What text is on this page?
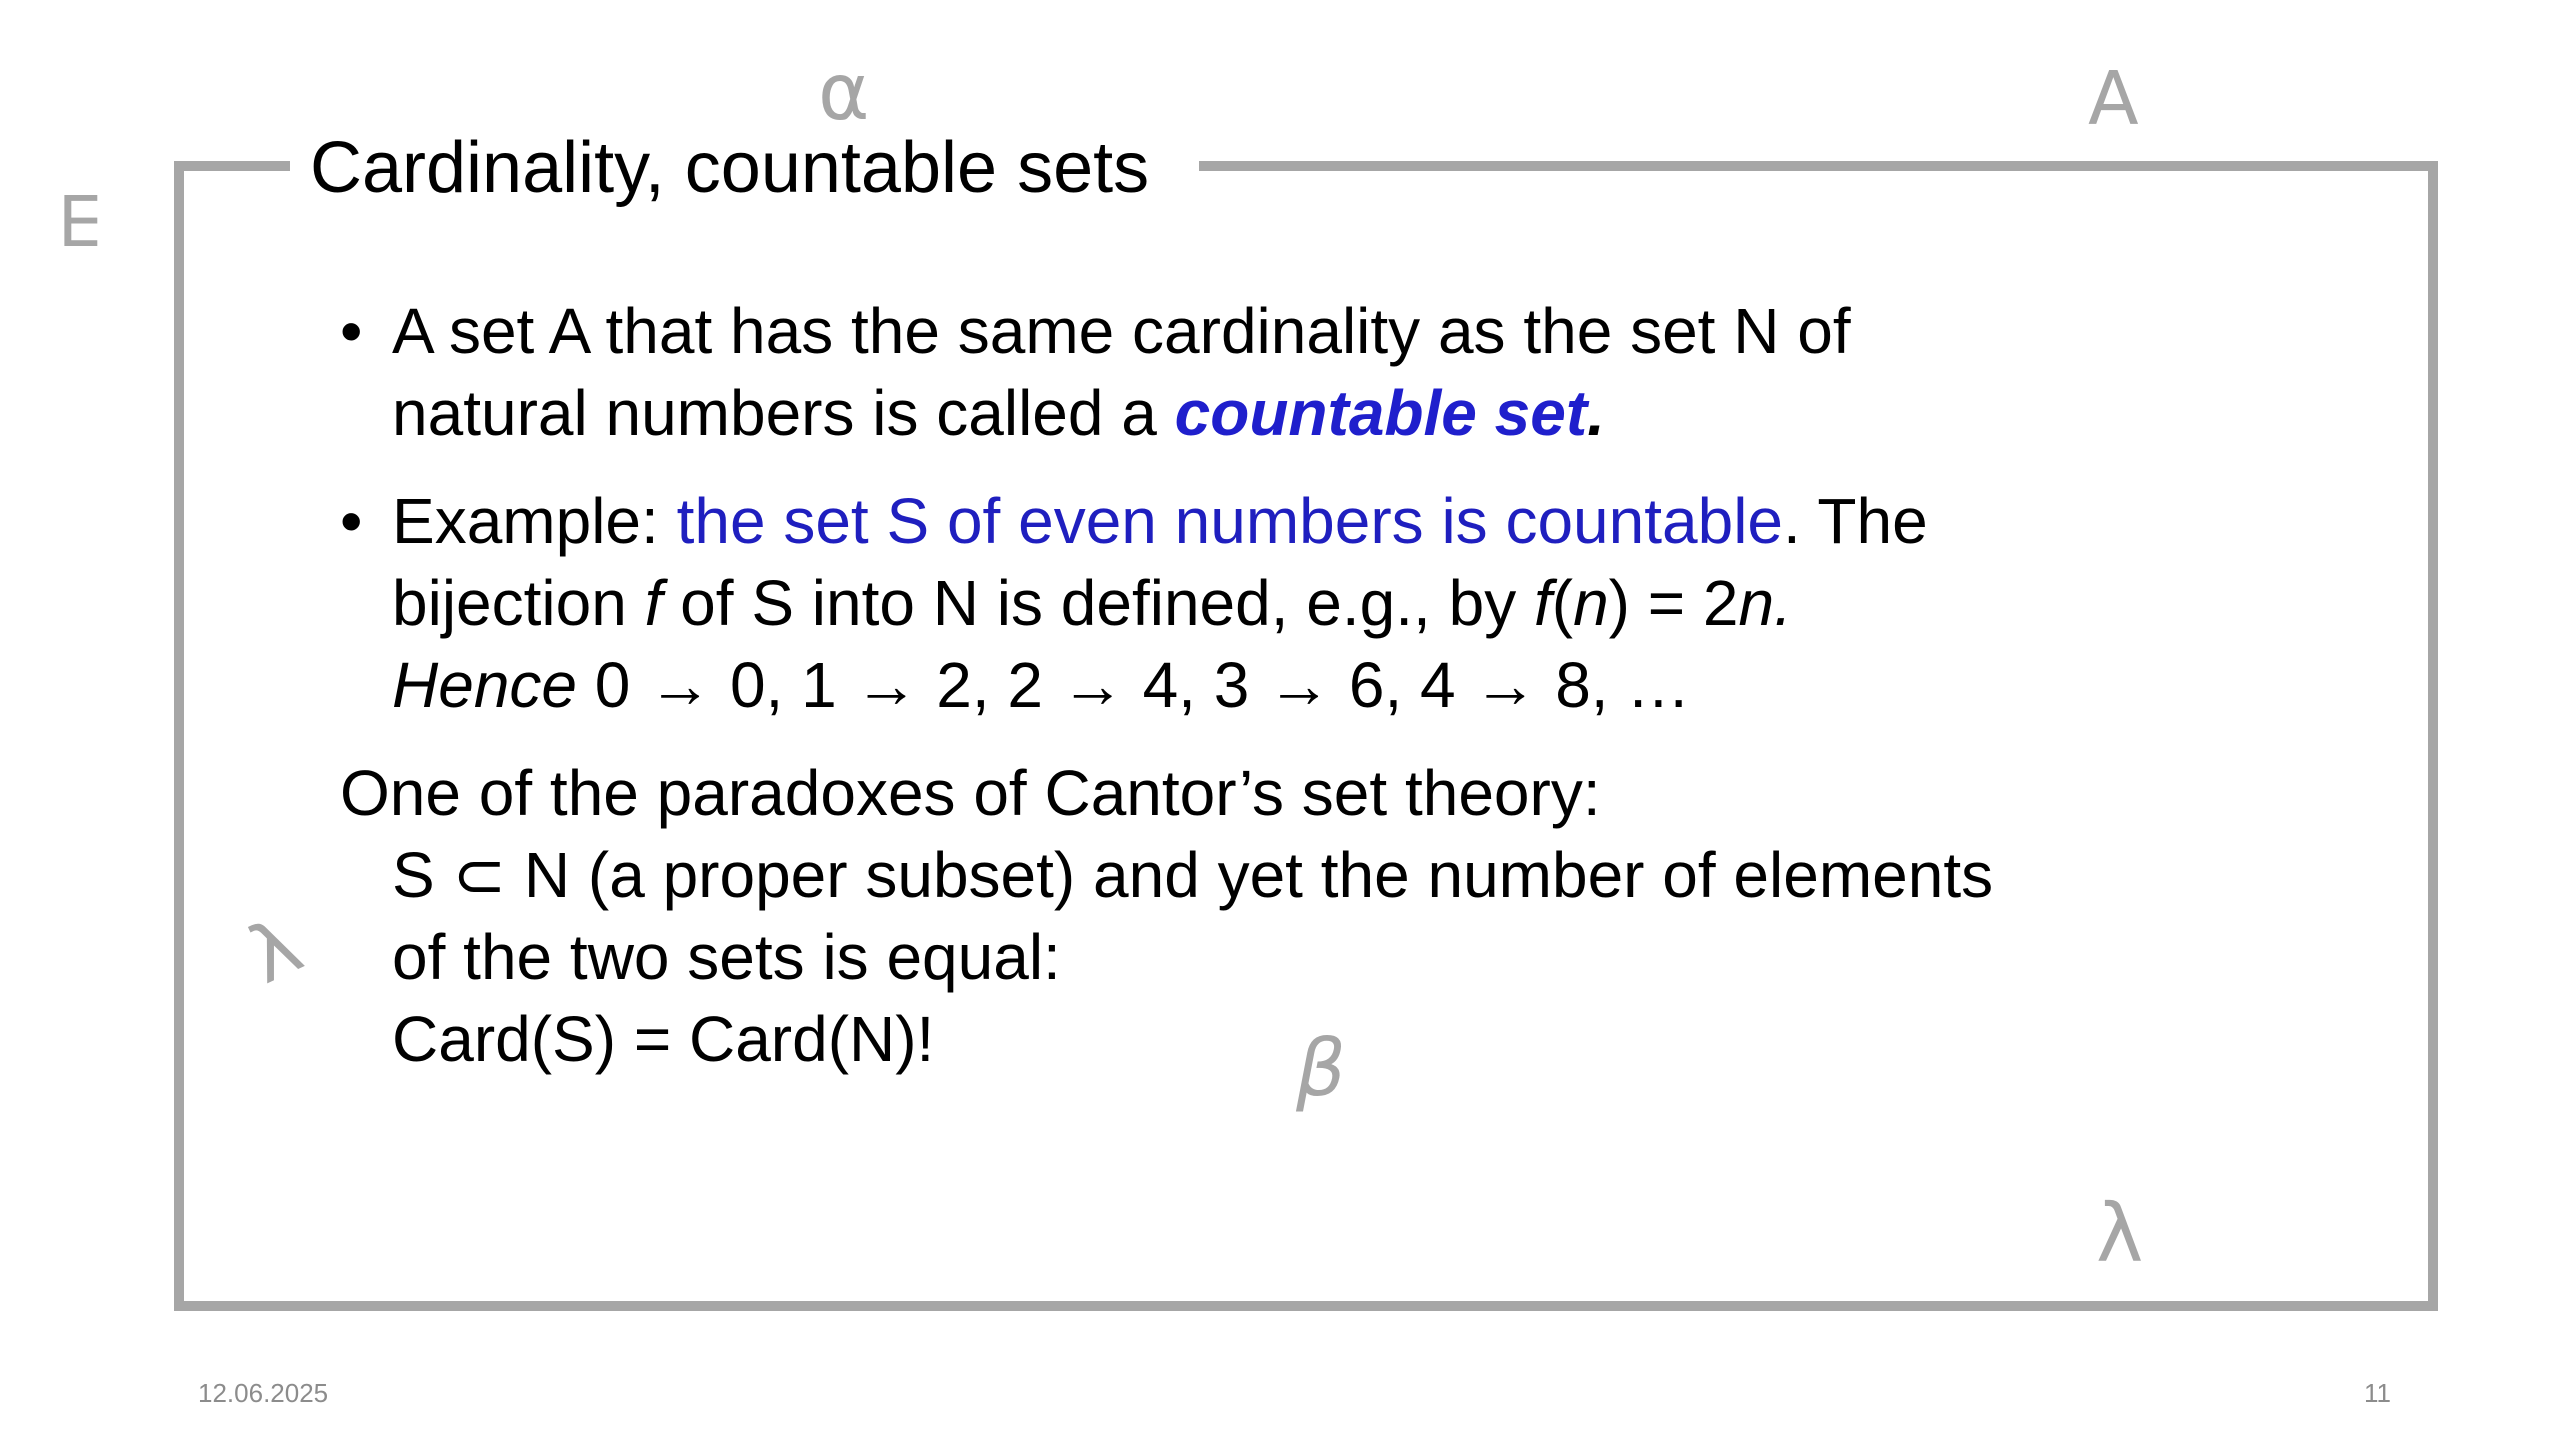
Cardinality, countable sets
α	∀
∃
λ
β
λ
• A set A that has the same cardinality as the set N of
natural numbers is called a countable set.
• Example: the set S of even numbers is countable. The
bijection f of S into N is defined, e.g., by f(n) = 2n.
Hence 0 → 0, 1 → 2, 2 → 4, 3 → 6, 4 → 8, …
One of the paradoxes of Cantor’s set theory:
S ⊂ N (a proper subset) and yet the number of elements
of the two sets is equal:
Card(S) = Card(N)!
12.06.2025	11
